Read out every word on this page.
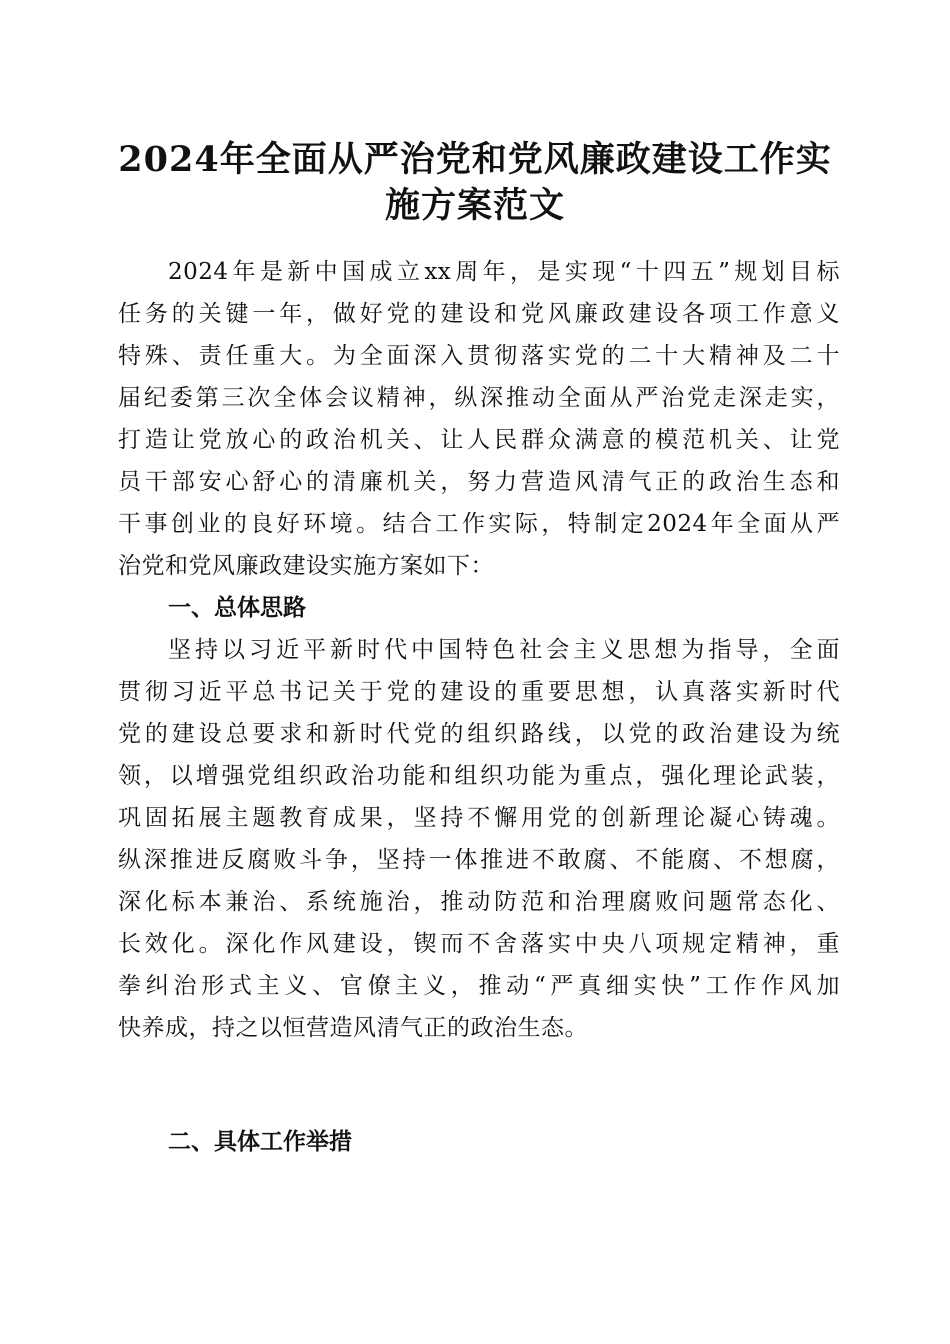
2024年全面从严治党和党风廉政建设工作实
施方案范文
2024年是新中国成立xx周年，是实现“十四五”规划目标
任务的关键一年，做好党的建设和党风廉政建设各项工作意义
特殊、责任重大。为全面深入贯彻落实党的二十大精神及二十
届纪委第三次全体会议精神，纵深推动全面从严治党走深走实，
打造让党放心的政治机关、让人民群众满意的模范机关、让党
员干部安心舒心的清廉机关，努力营造风清气正的政治生态和
干事创业的良好环境。结合工作实际，特制定2024年全面从严
治党和党风廉政建设实施方案如下：
一、总体思路
坚持以习近平新时代中国特色社会主义思想为指导，全面
贯彻习近平总书记关于党的建设的重要思想，认真落实新时代
党的建设总要求和新时代党的组织路线，以党的政治建设为统
领，以增强党组织政治功能和组织功能为重点，强化理论武装，
巩固拓展主题教育成果，坚持不懈用党的创新理论凝心铸魂。
纵深推进反腐败斗争，坚持一体推进不敢腐、不能腐、不想腐，
深化标本兼治、系统施治，推动防范和治理腐败问题常态化、
长效化。深化作风建设，锲而不舍落实中央八项规定精神，重
拳纠治形式主义、官僚主义，推动“严真细实快”工作作风加
快养成，持之以恒营造风清气正的政治生态。
二、具体工作举措
